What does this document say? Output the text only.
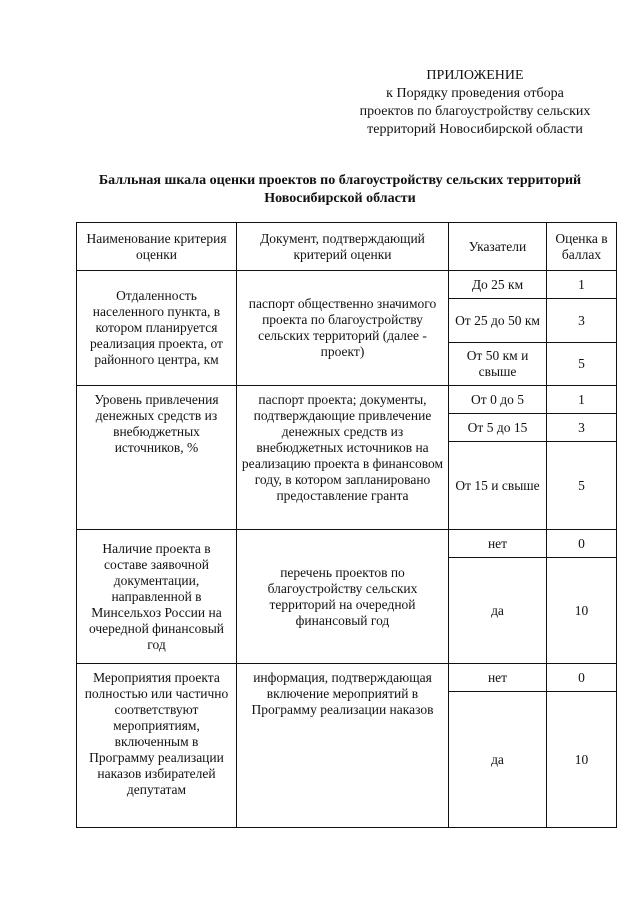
ПРИЛОЖЕНИЕ
к Порядку проведения отбора
проектов по благоустройству сельских
территорий Новосибирской области
Балльная шкала оценки проектов по благоустройству сельских территорий
Новосибирской области
Наименование критерия оценки	Документ, подтверждающий критерий оценки	Указатели	Оценка в баллах
Отдаленность населенного пункта, в котором планируется реализация проекта, от районного центра, км	паспорт общественно значимого проекта по благоустройству сельских территорий (далее - проект)	До 25 км	1
		От 25 до 50 км	3
		От 50 км и свыше	5
Уровень привлечения денежных средств из внебюджетных источников, %	паспорт проекта; документы, подтверждающие привлечение денежных средств из внебюджетных источников на реализацию проекта в финансовом году, в котором запланировано предоставление гранта	От 0 до 5	1
		От 5 до 15	3
		От 15 и свыше	5
Наличие проекта в составе заявочной документации, направленной в Минсельхоз России на очередной финансовый год	перечень проектов по благоустройству сельских территорий на очередной финансовый год	нет	0
		да	10
Мероприятия проекта полностью или частично соответствуют мероприятиям, включенным в Программу реализации наказов избирателей депутатам	информация, подтверждающая включение мероприятий в Программу реализации наказов	нет	0
		да	10
